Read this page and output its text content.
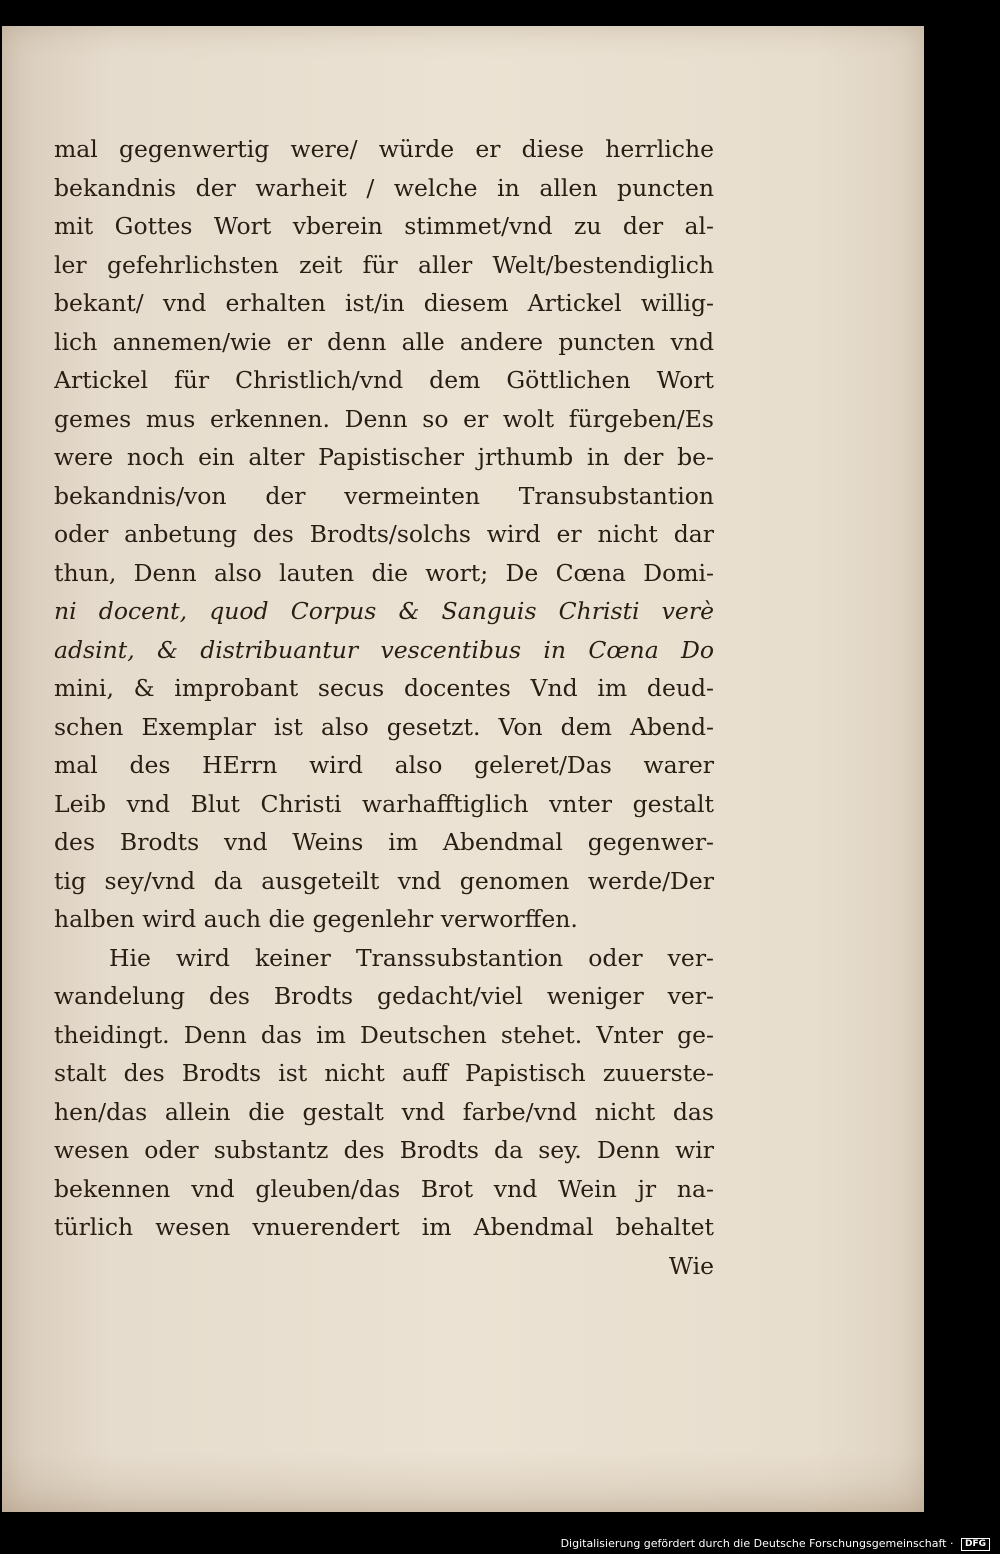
mal gegenwertig were/ würde er diese herrliche
bekandnis der warheit / welche in allen puncten
mit Gottes Wort vberein stimmet/vnd zu der al-
ler gefehrlichsten zeit für aller Welt/bestendiglich
bekant/ vnd erhalten ist/in diesem Artickel willig-
lich annemen/wie er denn alle andere puncten vnd
Artickel für Christlich/vnd dem Göttlichen Wort
gemes mus erkennen. Denn so er wolt fürgeben/Es
were noch ein alter Papistischer jrthumb in der be-
bekandnis/von der vermeinten Transubstantion
oder anbetung des Brodts/solchs wird er nicht dar
thun, Denn also lauten die wort; De Cœna Domi-
ni docent, quod Corpus & Sanguis Christi verè
adsint, & distribuantur vescentibus in Cœna Do
mini, & improbant secus docentes Vnd im deud-
schen Exemplar ist also gesetzt. Von dem Abend-
mal des HErrn wird also geleret/Das warer
Leib vnd Blut Christi warhafftiglich vnter gestalt
des Brodts vnd Weins im Abendmal gegenwer-
tig sey/vnd da ausgeteilt vnd genomen werde/Der
halben wird auch die gegenlehr verworffen.
Hie wird keiner Transsubstantion oder ver-
wandelung des Brodts gedacht/viel weniger ver-
theidingt. Denn das im Deutschen stehet. Vnter ge-
stalt des Brodts ist nicht auff Papistisch zuuerste-
hen/das allein die gestalt vnd farbe/vnd nicht das
wesen oder substantz des Brodts da sey. Denn wir
bekennen vnd gleuben/das Brot vnd Wein jr na-
türlich wesen vnuerendert im Abendmal behaltet
Wie
Digitalisierung gefördert durch die Deutsche Forschungsgemeinschaft · DFG
